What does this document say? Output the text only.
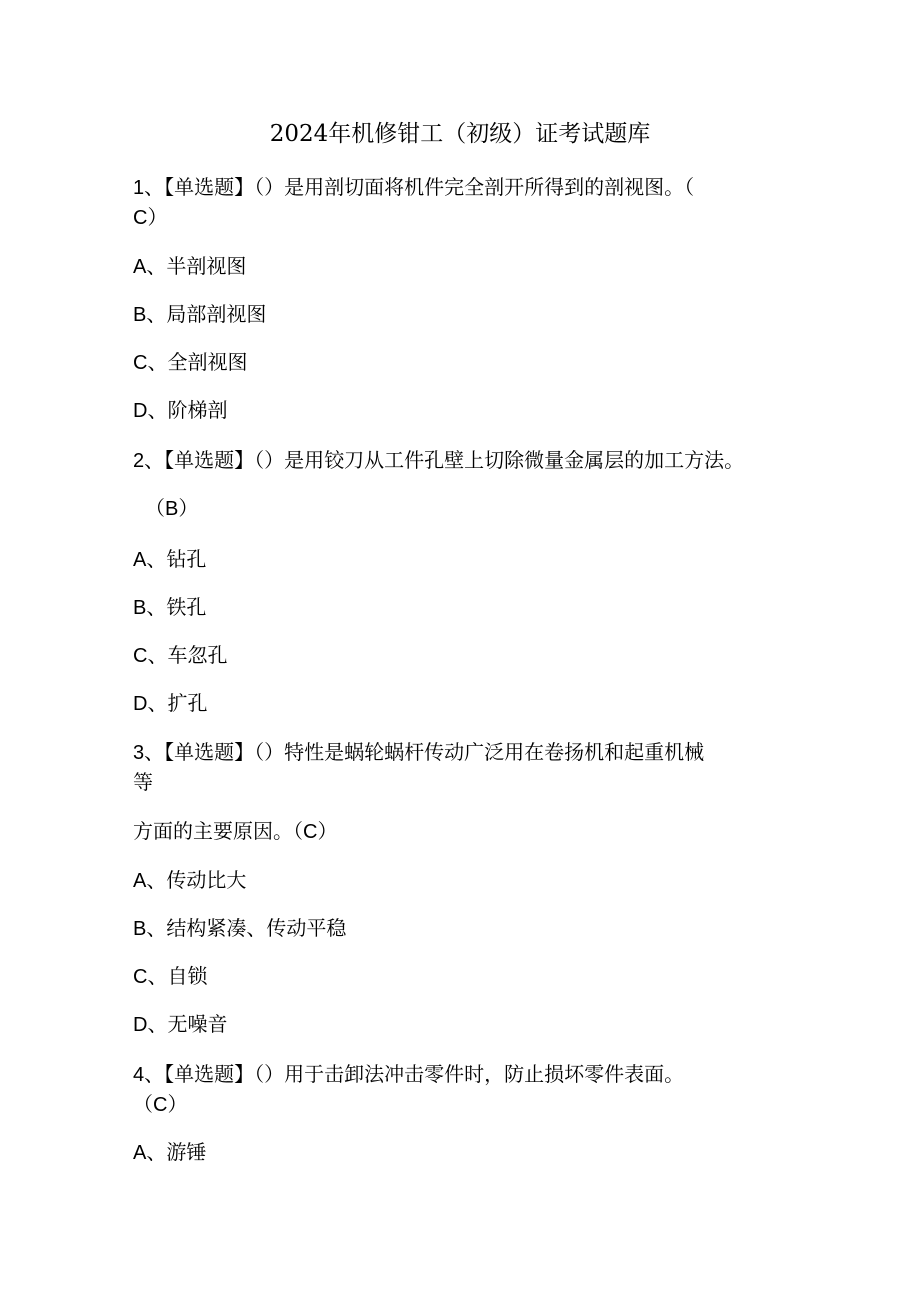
2024年机修钳工（初级）证考试题库
1、【单选题】（）是用剖切面将机件完全剖开所得到的剖视图。（
C）
A、半剖视图
B、局部剖视图
C、全剖视图
D、阶梯剖
2、【单选题】（）是用铰刀从工件孔壁上切除微量金属层的加工方法。
（B）
A、钻孔
B、铁孔
C、车忽孔
D、扩孔
3、【单选题】（）特性是蜗轮蜗杆传动广泛用在卷扬机和起重机械
等
方面的主要原因。（C）
A、传动比大
B、结构紧凑、传动平稳
C、自锁
D、无噪音
4、【单选题】（）用于击卸法冲击零件时，防止损坏零件表面。
（C）
A、游锤
